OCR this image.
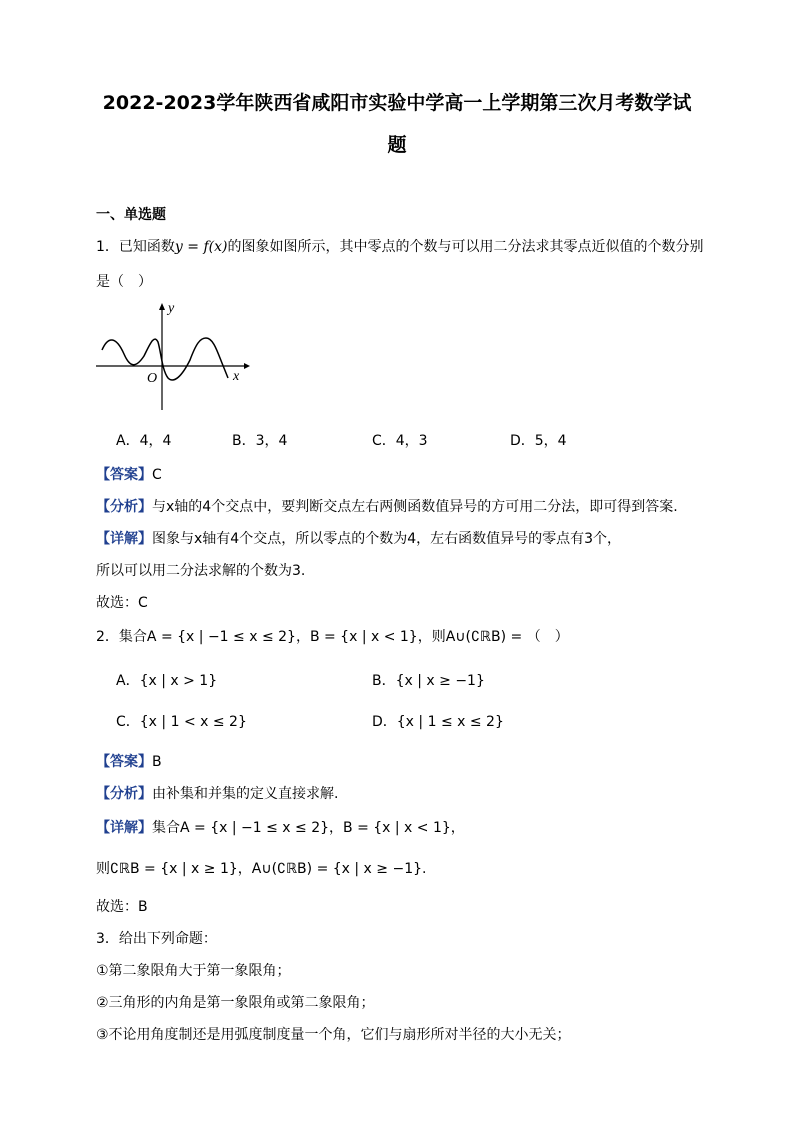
2022-2023学年陕西省咸阳市实验中学高一上学期第三次月考数学试
题
一、单选题
1．已知函数y = f(x)的图象如图所示，其中零点的个数与可以用二分法求其零点近似值的个数分别
是（　）
y
x
O
A．4，4	B．3，4	C．4，3	D．5，4
【答案】C
【分析】与x轴的4个交点中，要判断交点左右两侧函数值异号的方可用二分法，即可得到答案.
【详解】图象与x轴有4个交点，所以零点的个数为4，左右函数值异号的零点有3个，
所以可以用二分法求解的个数为3.
故选：C
2．集合A = {x | −1 ≤ x ≤ 2}，B = {x | x < 1}，则A∪(∁ℝB) = （　）
A．{x | x > 1}	B．{x | x ≥ −1}
C．{x | 1 < x ≤ 2}	D．{x | 1 ≤ x ≤ 2}
【答案】B
【分析】由补集和并集的定义直接求解.
【详解】集合A = {x | −1 ≤ x ≤ 2}，B = {x | x < 1}，
则∁ℝB = {x | x ≥ 1}，A∪(∁ℝB) = {x | x ≥ −1}.
故选：B
3．给出下列命题：
①第二象限角大于第一象限角；
②三角形的内角是第一象限角或第二象限角；
③不论用角度制还是用弧度制度量一个角，它们与扇形所对半径的大小无关；
